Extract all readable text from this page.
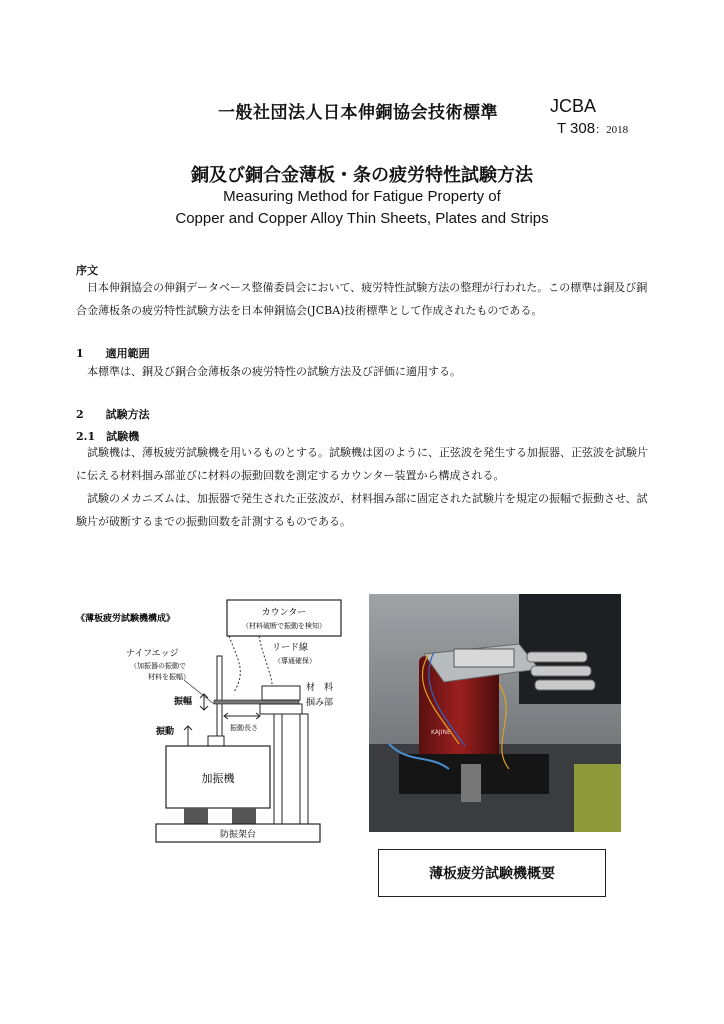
一般社団法人日本伸銅協会技術標準	JCBA
T 308：2018
銅及び銅合金薄板・条の疲労特性試験方法
Measuring Method for Fatigue Property of
Copper and Copper Alloy Thin Sheets, Plates and Strips
序文
日本伸銅協会の伸銅データベース整備委員会において、疲労特性試験方法の整理が行われた。この標準は銅及び銅合金薄板条の疲労特性試験方法を日本伸銅協会(JCBA)技術標準として作成されたものである。
1　　適用範囲
本標準は、銅及び銅合金薄板条の疲労特性の試験方法及び評価に適用する。
2　　試験方法
2.1　試験機
試験機は、薄板疲労試験機を用いるものとする。試験機は図のように、正弦波を発生する加振器、正弦波を試験片に伝える材料掴み部並びに材料の振動回数を測定するカウンター装置から構成される。
試験のメカニズムは、加振器で発生された正弦波が、材料掴み部に固定された試験片を規定の振幅で振動させ、試験片が破断するまでの振動回数を計測するものである。
《薄板疲労試験機構成》
カウンター
（材料破断で振動を検知）
ナイフエッジ
（加振器の振動で
材料を振幅）
リード線
（導通確保）
材　料
掴み部
振幅
振動長さ
振動
加振機
防振架台
KAJINE
薄板疲労試験機概要
